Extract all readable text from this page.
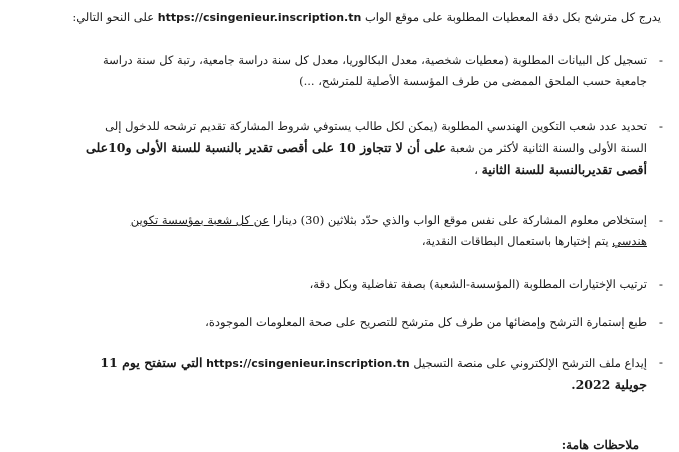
يدرج كل مترشح بكل دقة المعطيات المطلوبة على موقع الواب https://csingenieur.inscription.tn على النحو التالي:
-
تسجيل كل البيانات المطلوبة (معطيات شخصية، معدل البكالوريا، معدل كل سنة دراسة جامعية، رتبة كل سنة دراسة
جامعية حسب الملحق الممضى من طرف المؤسسة الأصلية للمترشح، ...)
-
تحديد عدد شعب التكوين الهندسي المطلوبة (يمكن لكل طالب يستوفي شروط المشاركة تقديم ترشحه للدخول إلى
السنة الأولى والسنة الثانية لأكثر من شعبة على أن لا تتجاوز 10 على أقصى تقدير بالنسبة للسنة الأولى و10على
أقصى تقديربالنسبة للسنة الثانية ،
-
إستخلاص معلوم المشاركة على نفس موقع الواب والذي حدّد بثلاثين (30) دينارا عن كل شعبة بمؤسسة تكوين
هندسي يتم إختيارها باستعمال البطاقات النقدية،
-
ترتيب الإختيارات المطلوبة (المؤسسة-الشعبة) بصفة تفاضلية وبكل دقة،
-
طبع إستمارة الترشح وإمضائها من طرف كل مترشح للتصريح على صحة المعلومات الموجودة،
-
إيداع ملف الترشح الإلكتروني على منصة التسجيل https://csingenieur.inscription.tn التي ستفتح يوم 11
جويلية 2022.
ملاحظات هامة:
